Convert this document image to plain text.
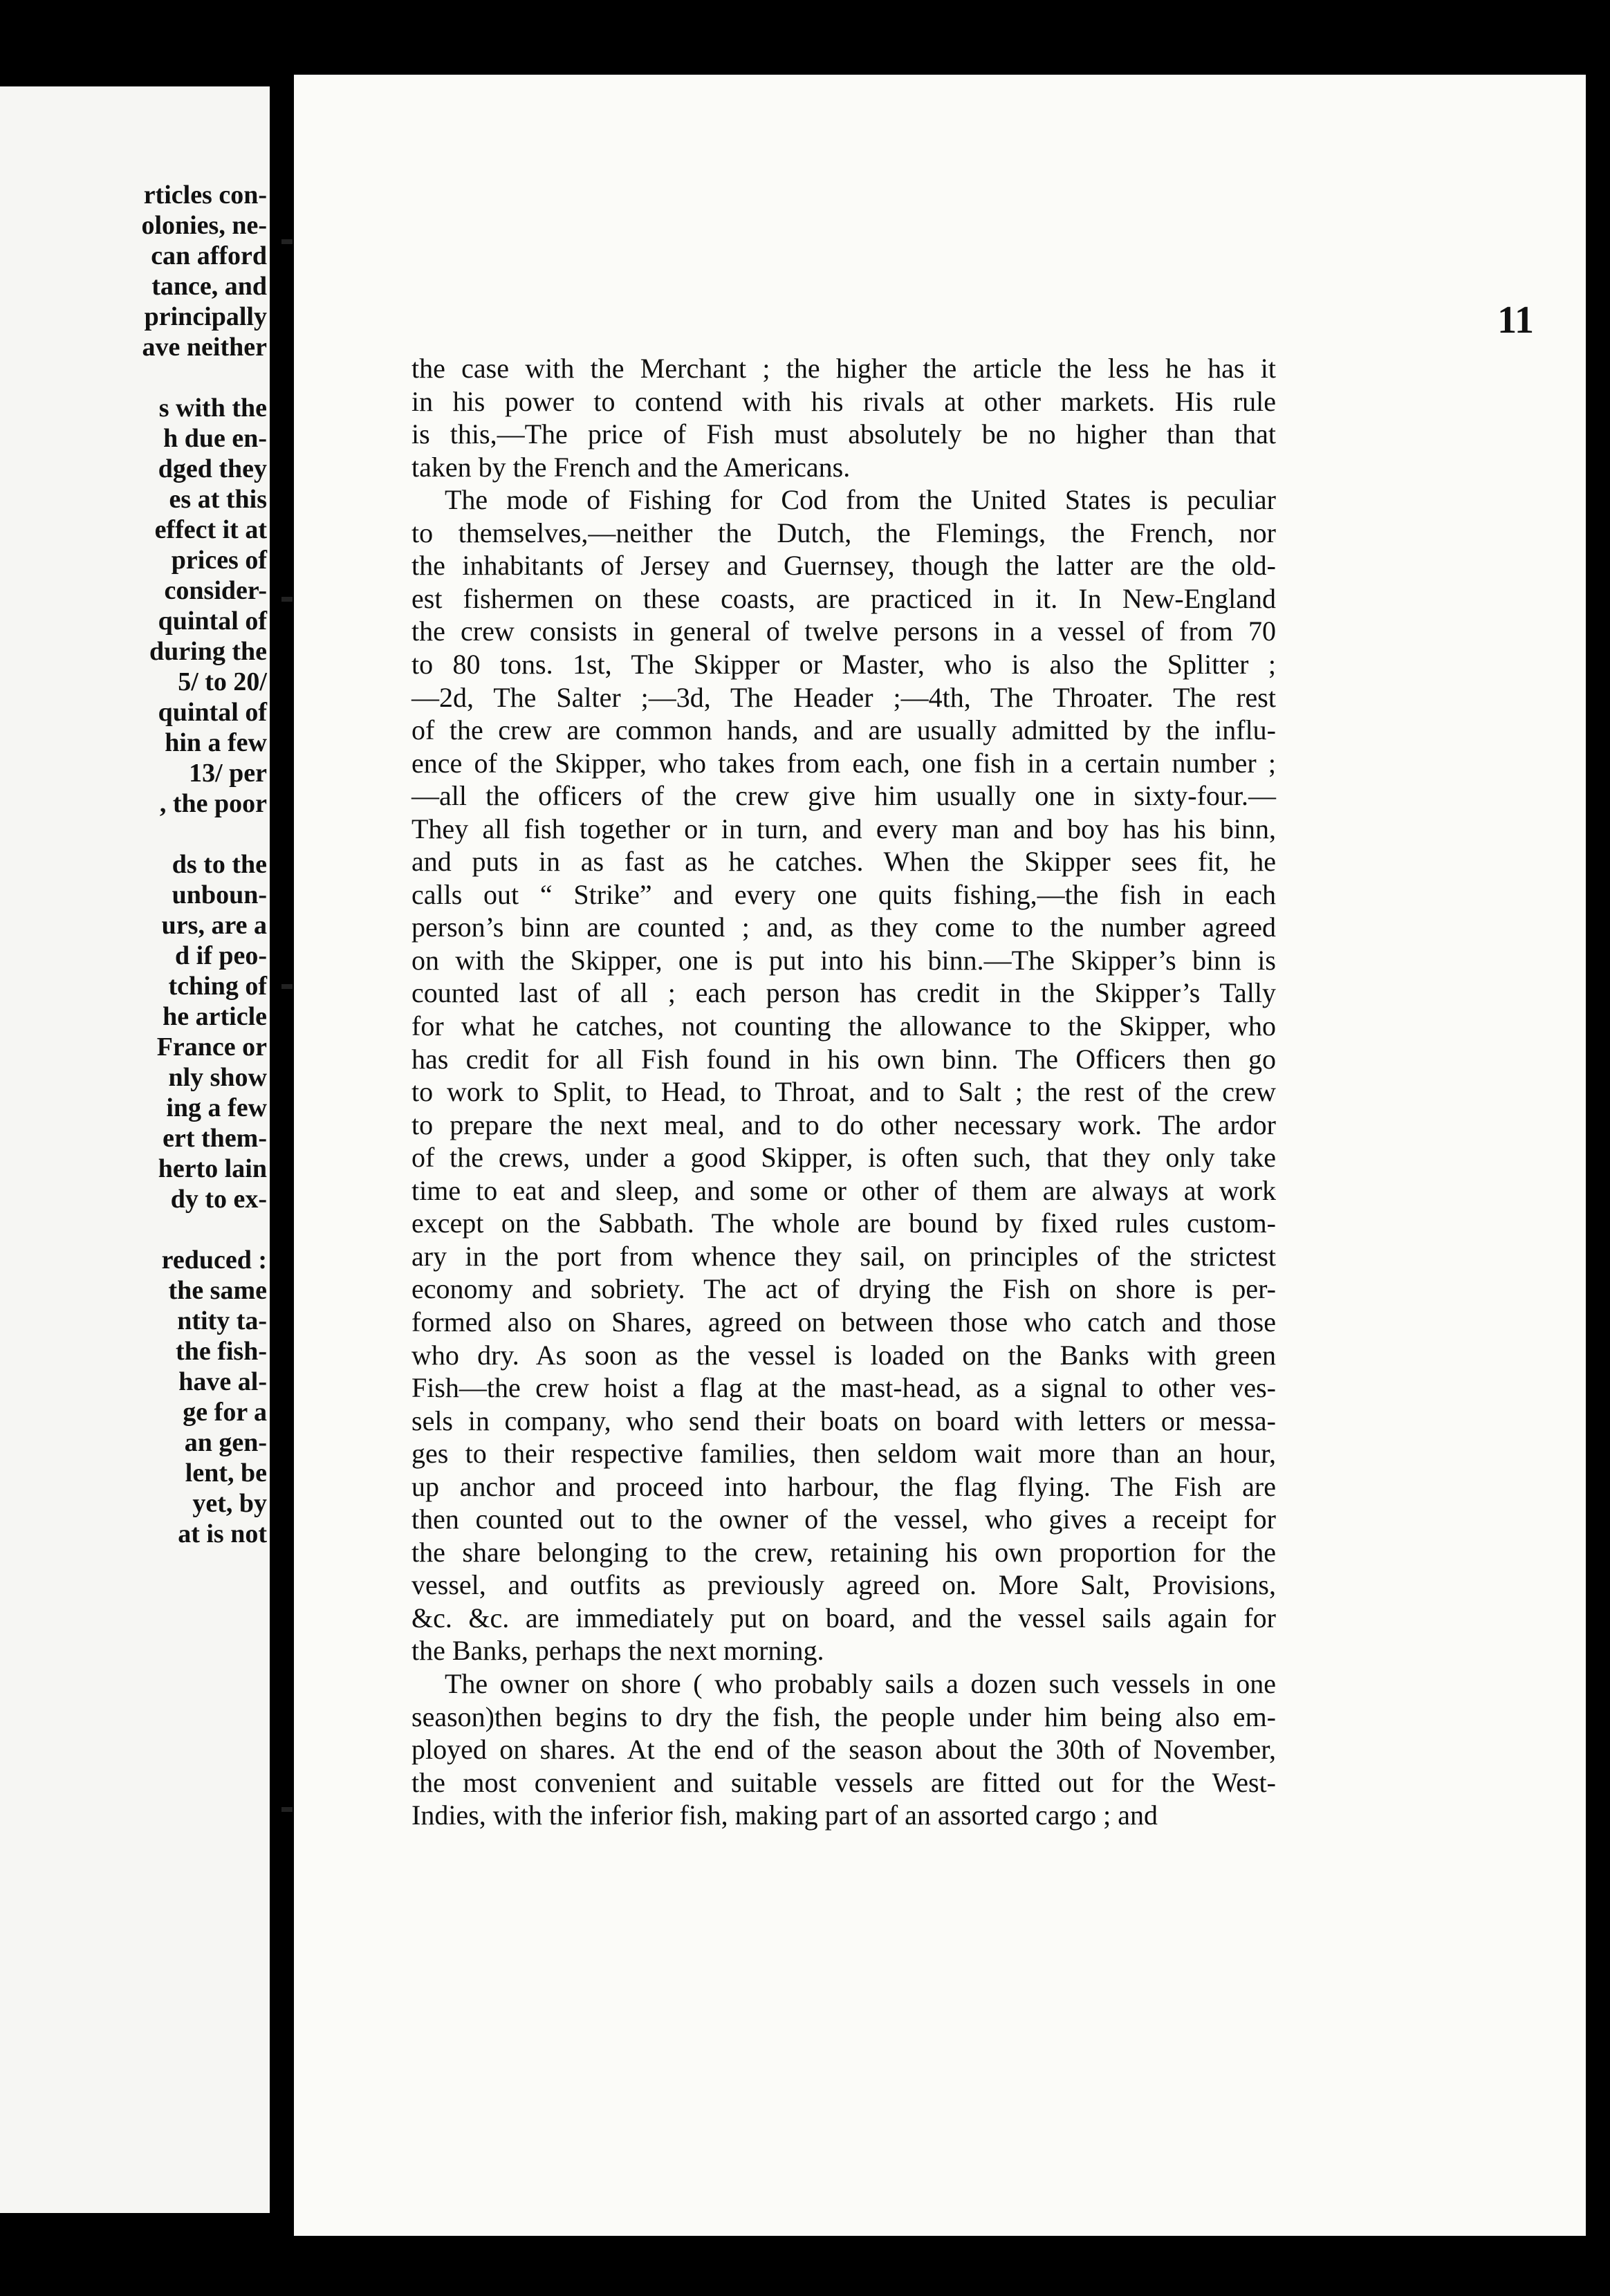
rticles con-
olonies, ne-
can afford
tance, and
principally
ave neither
s with the
h due en-
dged they
es at this
effect it at
prices of
consider-
quintal of
during the
5/ to 20/
quintal of
hin a few
13/ per
, the poor
ds to the
unboun-
urs, are a
d if peo-
tching of
he article
France or
nly show
ing a few
ert them-
herto lain
dy to ex-
reduced :
the same
ntity ta-
the fish-
have al-
ge for a
an gen-
lent, be
yet, by
at is not
11
the case with the Merchant ; the higher the article the less he has it
in his power to contend with his rivals at other markets. His rule
is this,—The price of Fish must absolutely be no higher than that
taken by the French and the Americans.
The mode of Fishing for Cod from the United States is peculiar
to themselves,—neither the Dutch, the Flemings, the French, nor
the inhabitants of Jersey and Guernsey, though the latter are the old-
est fishermen on these coasts, are practiced in it. In New-England
the crew consists in general of twelve persons in a vessel of from 70
to 80 tons. 1st, The Skipper or Master, who is also the Splitter ;
—2d, The Salter ;—3d, The Header ;—4th, The Throater. The rest
of the crew are common hands, and are usually admitted by the influ-
ence of the Skipper, who takes from each, one fish in a certain number ;
—all the officers of the crew give him usually one in sixty-four.—
They all fish together or in turn, and every man and boy has his binn,
and puts in as fast as he catches. When the Skipper sees fit, he
calls out “ Strike” and every one quits fishing,—the fish in each
person’s binn are counted ; and, as they come to the number agreed
on with the Skipper, one is put into his binn.—The Skipper’s binn is
counted last of all ; each person has credit in the Skipper’s Tally
for what he catches, not counting the allowance to the Skipper, who
has credit for all Fish found in his own binn. The Officers then go
to work to Split, to Head, to Throat, and to Salt ; the rest of the crew
to prepare the next meal, and to do other necessary work. The ardor
of the crews, under a good Skipper, is often such, that they only take
time to eat and sleep, and some or other of them are always at work
except on the Sabbath. The whole are bound by fixed rules custom-
ary in the port from whence they sail, on principles of the strictest
economy and sobriety. The act of drying the Fish on shore is per-
formed also on Shares, agreed on between those who catch and those
who dry. As soon as the vessel is loaded on the Banks with green
Fish—the crew hoist a flag at the mast-head, as a signal to other ves-
sels in company, who send their boats on board with letters or messa-
ges to their respective families, then seldom wait more than an hour,
up anchor and proceed into harbour, the flag flying. The Fish are
then counted out to the owner of the vessel, who gives a receipt for
the share belonging to the crew, retaining his own proportion for the
vessel, and outfits as previously agreed on. More Salt, Provisions,
&c. &c. are immediately put on board, and the vessel sails again for
the Banks, perhaps the next morning.
The owner on shore ( who probably sails a dozen such vessels in one
season)then begins to dry the fish, the people under him being also em-
ployed on shares. At the end of the season about the 30th of November,
the most convenient and suitable vessels are fitted out for the West-
Indies, with the inferior fish, making part of an assorted cargo ; and
